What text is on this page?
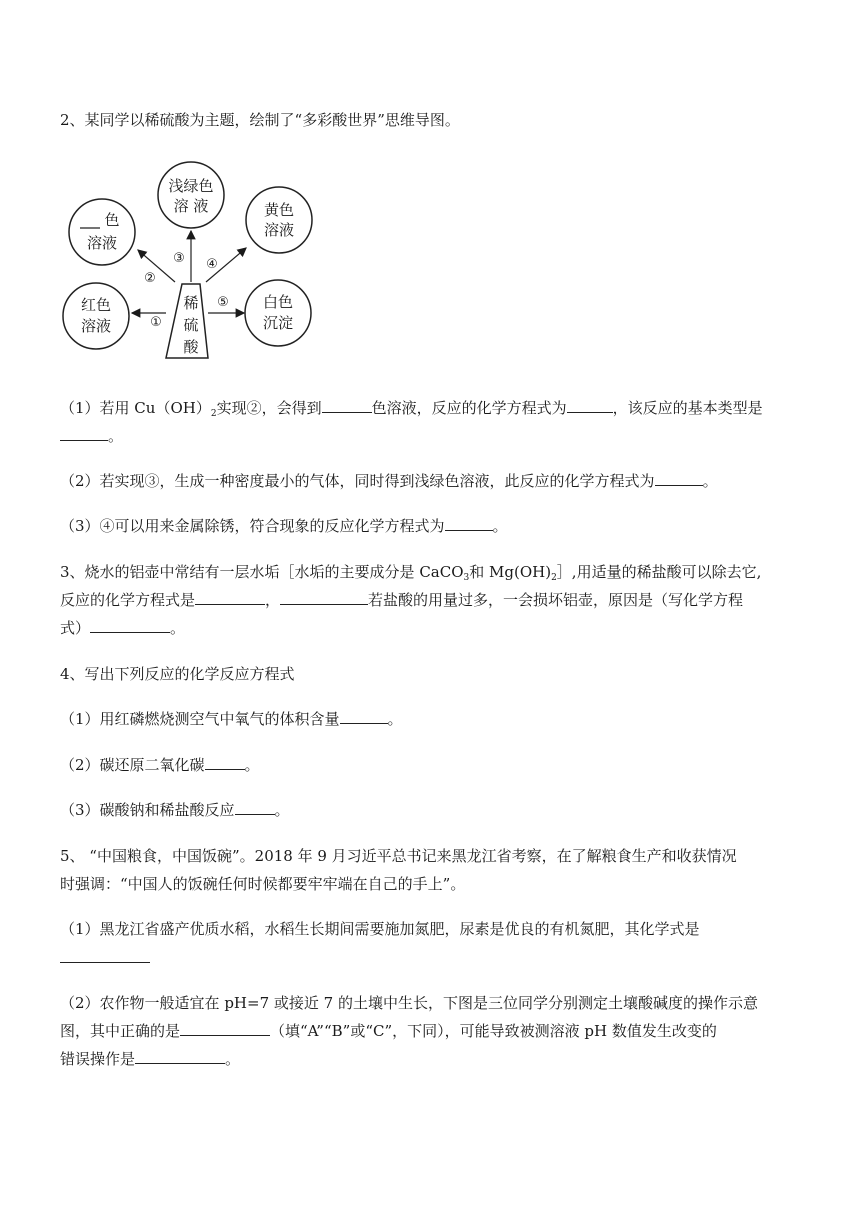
2、某同学以稀硫酸为主题，绘制了“多彩酸世界”思维导图。
稀
硫
酸
浅绿色
溶 液
色
溶液
黄色
溶液
红色
溶液
白色
沉淀
①
②
③ ④
⑤
（1）若用 $Cu(OH)_2$实现②，会得到	色溶液，反应的化学方程式为	，该反应的基本类型是
。
（2）若实现③，生成一种密度最小的气体，同时得到浅绿色溶液，此反应的化学方程式为	。
（3）④可以用来金属除锈，符合现象的反应化学方程式为	。
3、烧水的铝壶中常结有一层水垢［水垢的主要成分是 CaCO$_3$和 $Mg(OH)_2]$,用适量的稀盐酸可以除去它,
反应的化学方程式是	，	若盐酸的用量过多，一会损坏铝壶，原因是（写化学方程
式）	。
4、写出下列反应的化学反应方程式
（1）用红磷燃烧测空气中氧气的体积含量	。
（2）碳还原二氧化碳	。
（3）碳酸钠和稀盐酸反应	。
5、 “中国粮食，中国饭碗”。2018 年 9 月习近平总书记来黑龙江省考察，在了解粮食生产和收获情况
时强调：“中国人的饭碗任何时候都要牢牢端在自己的手上”。
（1）黑龙江省盛产优质水稻，水稻生长期间需要施加氮肥，尿素是优良的有机氮肥，其化学式是
（2）农作物一般适宜在 pH=7 或接近 7 的土壤中生长，下图是三位同学分别测定土壤酸碱度的操作示意
图，其中正确的是	（填“A”“B”或“C”，下同），可能导致被测溶液 pH 数值发生改变的
错误操作是	。
